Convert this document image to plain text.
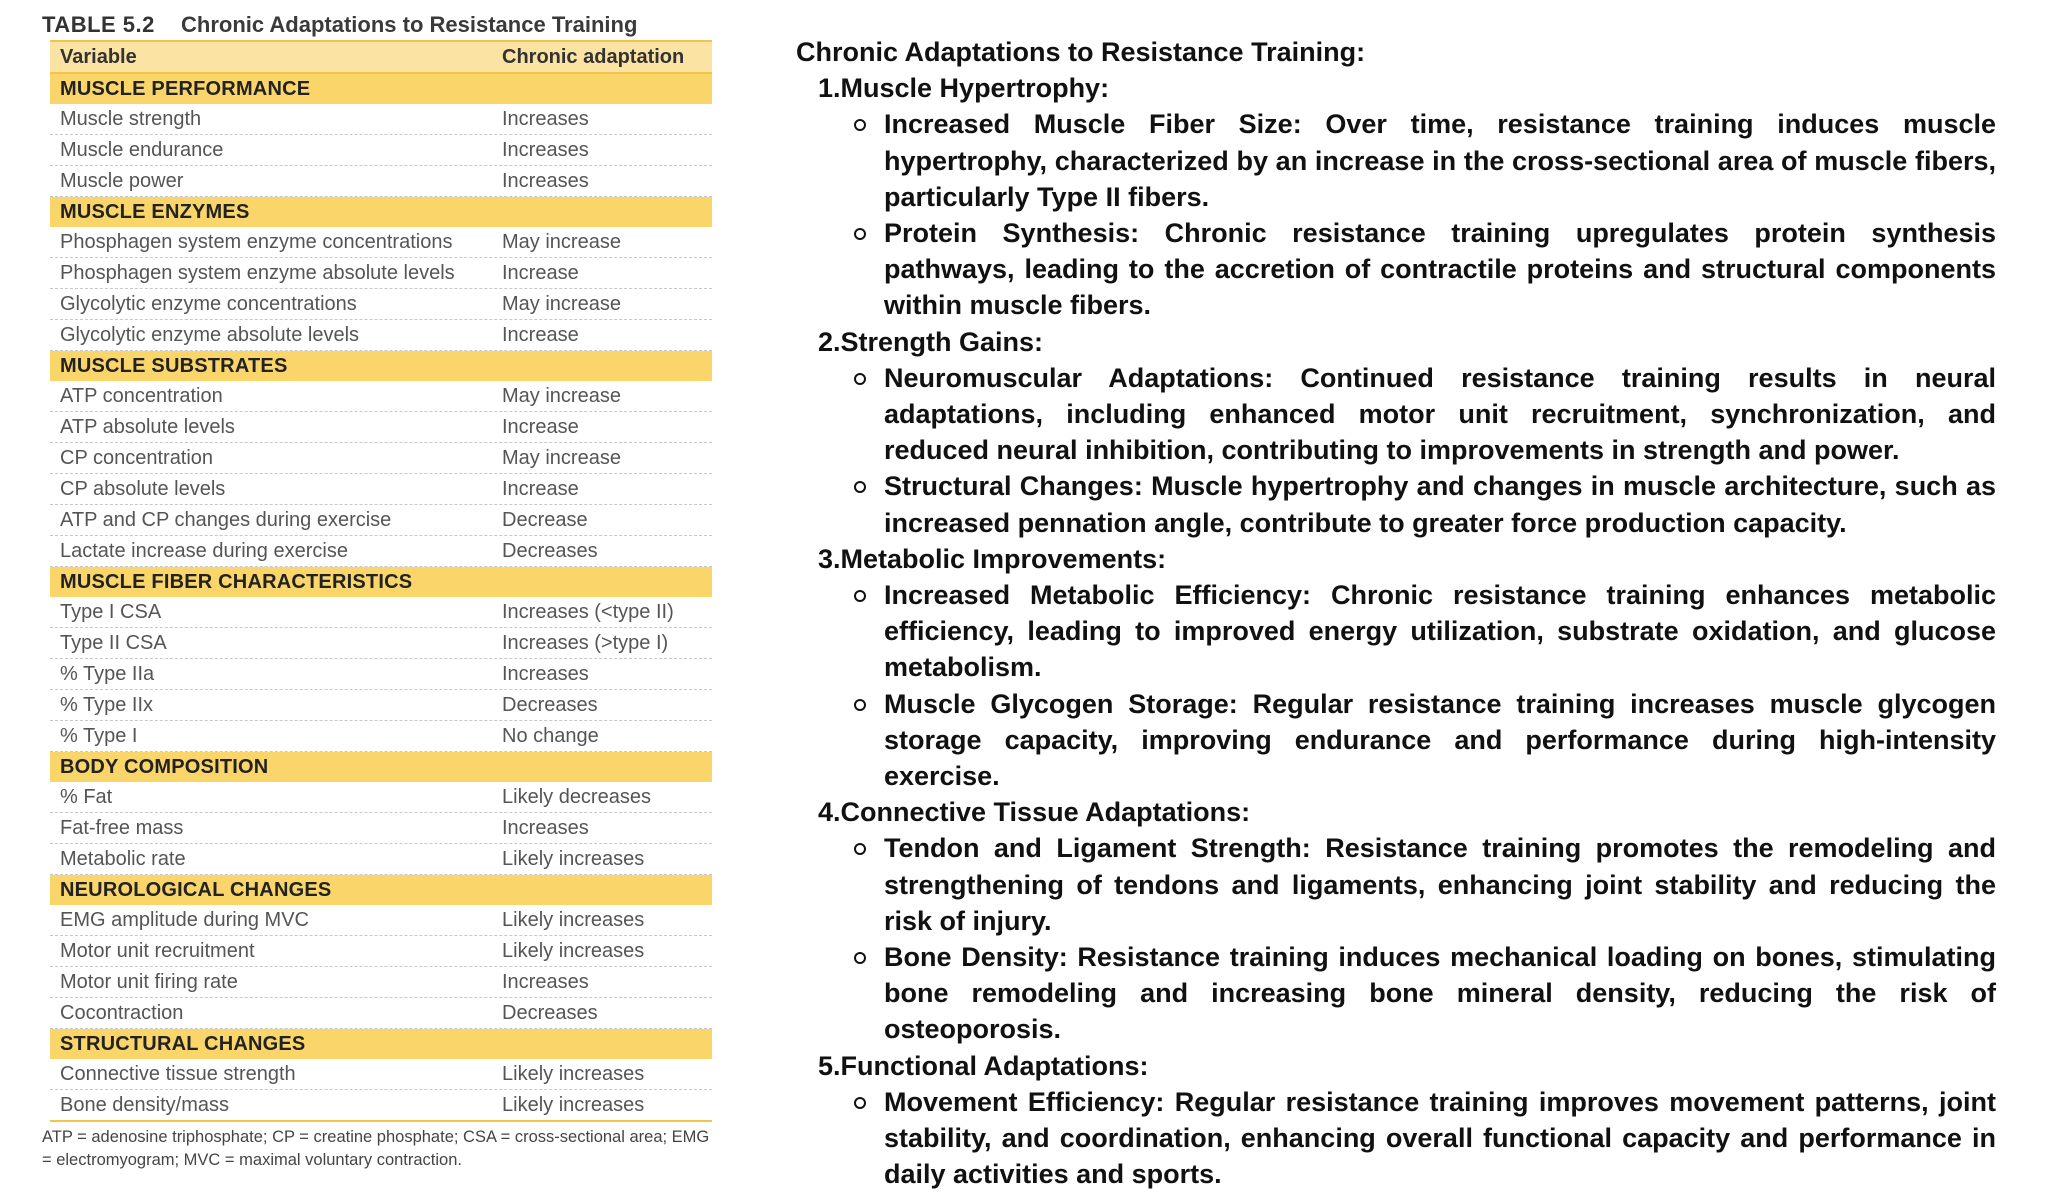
TABLE 5.2 Chronic Adaptations to Resistance Training
Variable	Chronic adaptation
MUSCLE PERFORMANCE
Muscle strength	Increases
Muscle endurance	Increases
Muscle power	Increases
MUSCLE ENZYMES
Phosphagen system enzyme concentrations	May increase
Phosphagen system enzyme absolute levels	Increase
Glycolytic enzyme concentrations	May increase
Glycolytic enzyme absolute levels	Increase
MUSCLE SUBSTRATES
ATP concentration	May increase
ATP absolute levels	Increase
CP concentration	May increase
CP absolute levels	Increase
ATP and CP changes during exercise	Decrease
Lactate increase during exercise	Decreases
MUSCLE FIBER CHARACTERISTICS
Type I CSA	Increases (<type II)
Type II CSA	Increases (>type I)
% Type IIa	Increases
% Type IIx	Decreases
% Type I	No change
BODY COMPOSITION
% Fat	Likely decreases
Fat-free mass	Increases
Metabolic rate	Likely increases
NEUROLOGICAL CHANGES
EMG amplitude during MVC	Likely increases
Motor unit recruitment	Likely increases
Motor unit firing rate	Increases
Cocontraction	Decreases
STRUCTURAL CHANGES
Connective tissue strength	Likely increases
Bone density/mass	Likely increases
ATP = adenosine triphosphate; CP = creatine phosphate; CSA = cross-sectional area; EMG = electromyogram; MVC = maximal voluntary contraction.
Chronic Adaptations to Resistance Training:
1.Muscle Hypertrophy:
Increased Muscle Fiber Size: Over time, resistance training induces muscle hypertrophy, characterized by an increase in the cross-sectional area of muscle fibers, particularly Type II fibers.
Protein Synthesis: Chronic resistance training upregulates protein synthesis pathways, leading to the accretion of contractile proteins and structural components within muscle fibers.
2.Strength Gains:
Neuromuscular Adaptations: Continued resistance training results in neural adaptations, including enhanced motor unit recruitment, synchronization, and reduced neural inhibition, contributing to improvements in strength and power.
Structural Changes: Muscle hypertrophy and changes in muscle architecture, such as increased pennation angle, contribute to greater force production capacity.
3.Metabolic Improvements:
Increased Metabolic Efficiency: Chronic resistance training enhances metabolic efficiency, leading to improved energy utilization, substrate oxidation, and glucose metabolism.
Muscle Glycogen Storage: Regular resistance training increases muscle glycogen storage capacity, improving endurance and performance during high-intensity exercise.
4.Connective Tissue Adaptations:
Tendon and Ligament Strength: Resistance training promotes the remodeling and strengthening of tendons and ligaments, enhancing joint stability and reducing the risk of injury.
Bone Density: Resistance training induces mechanical loading on bones, stimulating bone remodeling and increasing bone mineral density, reducing the risk of osteoporosis.
5.Functional Adaptations:
Movement Efficiency: Regular resistance training improves movement patterns, joint stability, and coordination, enhancing overall functional capacity and performance in daily activities and sports.
